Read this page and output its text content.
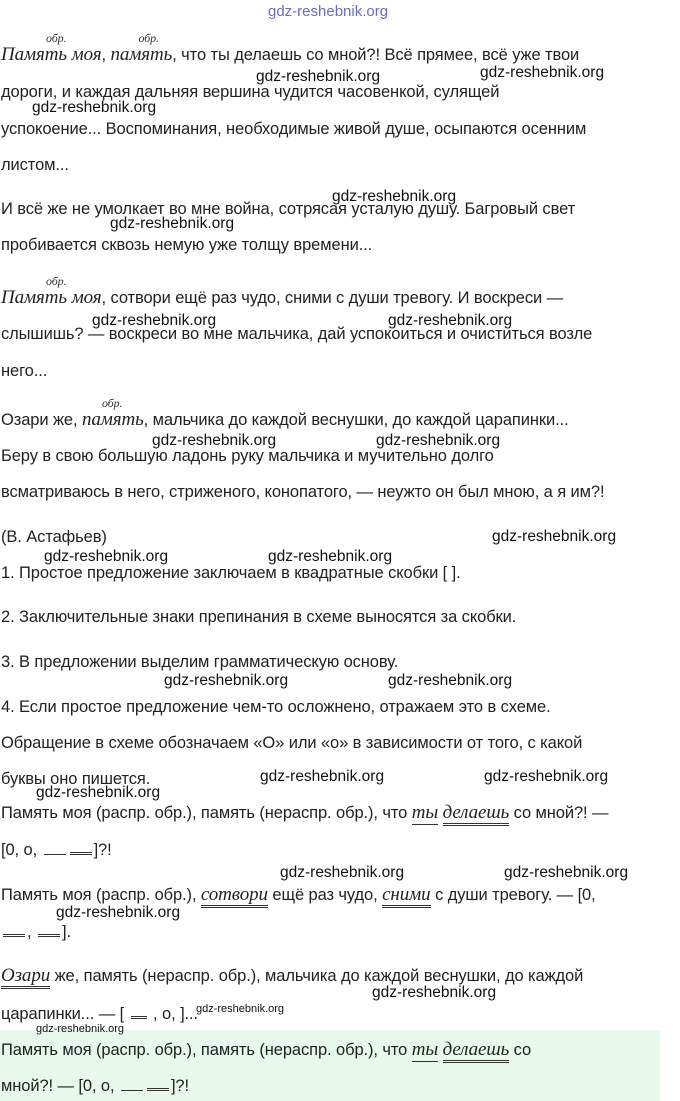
gdz-reshebnik.org
обр.
Память моя,
обр.
память, что ты делаешь со мной?! Всё прямее, всё уже твои
дороги, и каждая дальняя вершина чудится часовенкой, сулящей
успокоение... Воспоминания, необходимые живой душе, осыпаются осенним
листом...
И всё же не умолкает во мне война, сотрясая усталую душу. Багровый свет
пробивается сквозь немую уже толщу времени...
обр.
Память моя, сотвори ещё раз чудо, сними с души тревогу. И воскреси —
слышишь? — воскреси во мне мальчика, дай успокоиться и очиститься возле
него...
Озари же,
обр.
память, мальчика до каждой веснушки, до каждой царапинки...
Беру в свою большую ладонь руку мальчика и мучительно долго
всматриваюсь в него, стриженого, конопатого, — неужто он был мною, а я им?!
(В. Астафьев)
1. Простое предложение заключаем в квадратные скобки [ ].
2. Заключительные знаки препинания в схеме выносятся за скобки.
3. В предложении выделим грамматическую основу.
4. Если простое предложение чем-то осложнено, отражаем это в схеме.
Обращение в схеме обозначаем «О» или «о» в зависимости от того, с какой
буквы оно пишется.
Память моя (распр. обр.), память (нераспр. обр.), что ты делаешь со мной?! —
[0, о,	]?!
Память моя (распр. обр.), сотвори ещё раз чудо, сними с души тревогу. — [0,
, ].
Озари же, память (нераспр. обр.), мальчика до каждой веснушки, до каждой
царапинки... — [  , о, ]...
Память моя (распр. обр.), память (нераспр. обр.), что ты делаешь со
мной?! — [0, о,	]?!
gdz-reshebnik.org	gdz-reshebnik.org
gdz-reshebnik.org
gdz-reshebnik.org
gdz-reshebnik.org
gdz-reshebnik.org	gdz-reshebnik.org
gdz-reshebnik.org	gdz-reshebnik.org
gdz-reshebnik.org
gdz-reshebnik.org	gdz-reshebnik.org
gdz-reshebnik.org	gdz-reshebnik.org
gdz-reshebnik.org	gdz-reshebnik.org
gdz-reshebnik.org
gdz-reshebnik.org	gdz-reshebnik.org
gdz-reshebnik.org
gdz-reshebnik.org
gdz-reshebnik.org
gdz-reshebnik.org
